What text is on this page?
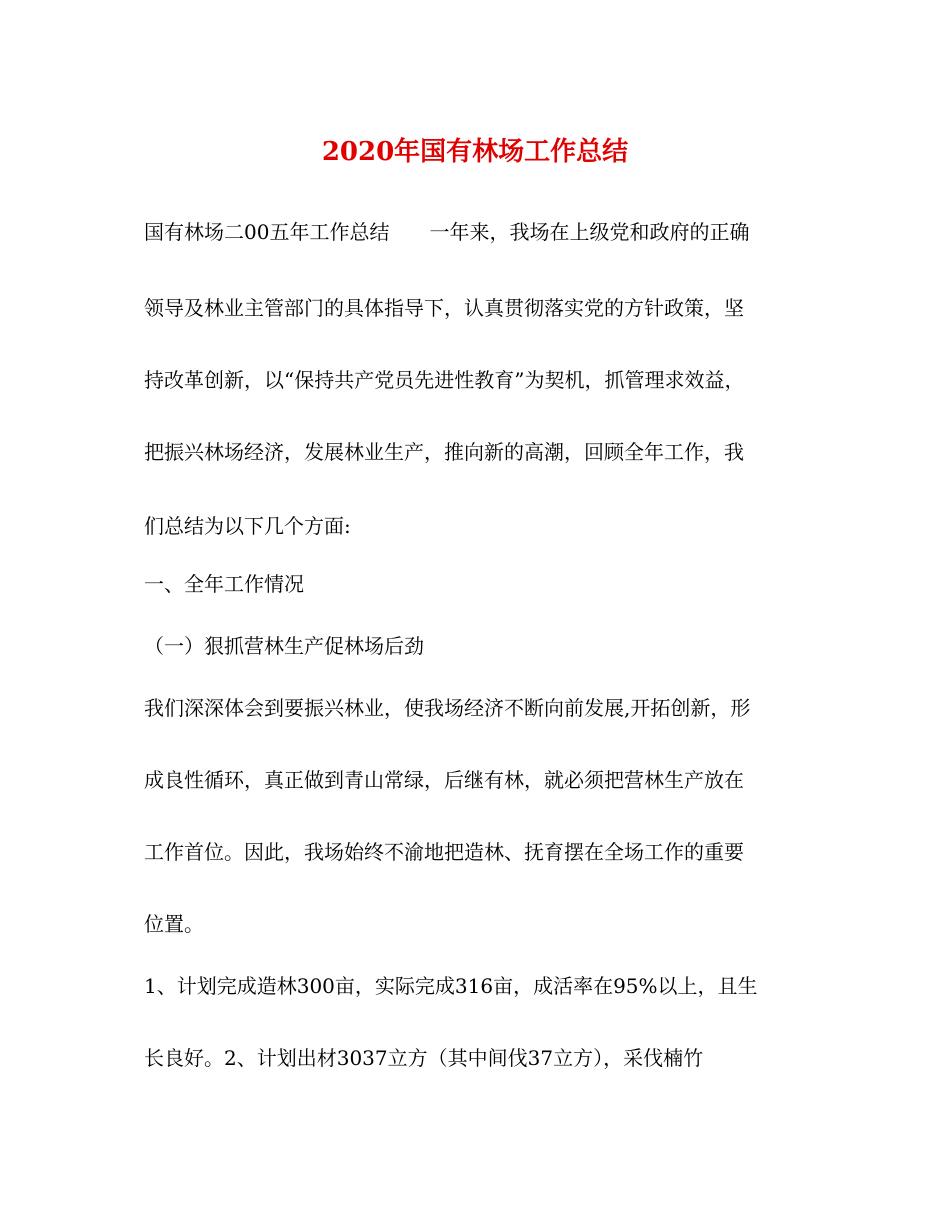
2020年国有林场工作总结

国有林场二00五年工作总结　　一年来，我场在上级党和政府的正确

领导及林业主管部门的具体指导下，认真贯彻落实党的方针政策，坚

持改革创新，以“保持共产党员先进性教育”为契机，抓管理求效益，

把振兴林场经济，发展林业生产，推向新的高潮，回顾全年工作，我

们总结为以下几个方面:

一、全年工作情况

（一）狠抓营林生产促林场后劲

我们深深体会到要振兴林业，使我场经济不断向前发展,开拓创新，形

成良性循环，真正做到青山常绿，后继有林，就必须把营林生产放在

工作首位。因此，我场始终不渝地把造林、抚育摆在全场工作的重要

位置。

1、计划完成造林300亩，实际完成316亩，成活率在95%以上，且生

长良好。2、计划出材3037立方（其中间伐37立方），采伐楠竹
